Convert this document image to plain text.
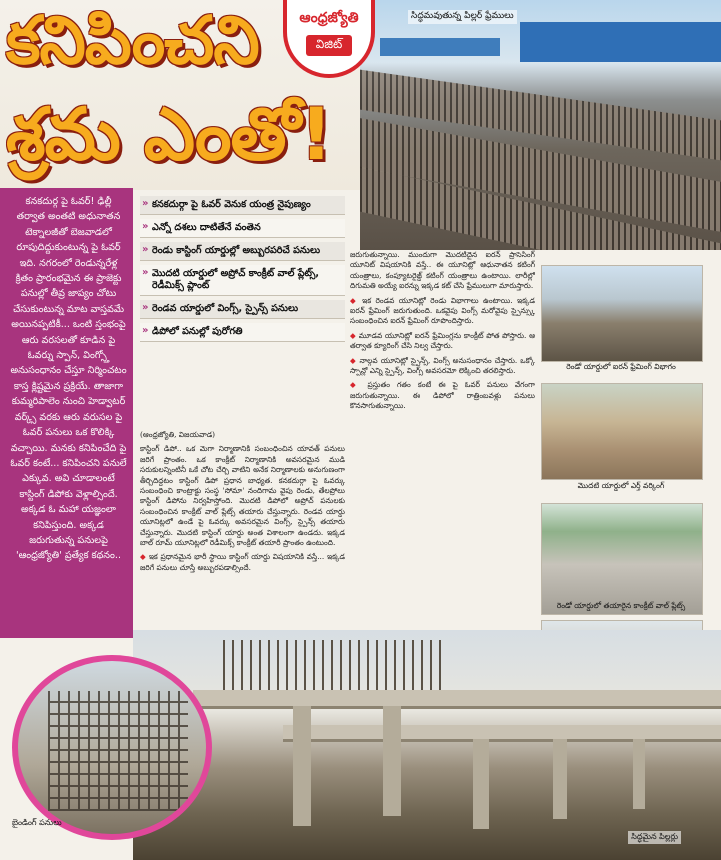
కనిపించని
శ్రమ ఎంతో!
సిద్ధమవుతున్న పిల్లర్ ఫ్రేములు
ఆంధ్రజ్యోతి
విజిట్
కనకదుర్గ పై ఓవర్! ఢిల్లీ తర్వాత అంతటి అధునాతన టెక్నాలజీతో బెజవాడలో రూపుదిద్దుకుంటున్న పై ఓవర్ ఇది. నగరంలో రెండున్నరేళ్ల క్రితం ప్రారంభమైన ఈ ప్రాజెక్టు పనుల్లో తీవ్ర జాప్యం చోటు చేసుకుంటున్న మాట వాస్తవమే అయినప్పటికీ... ఒంటి స్తంభంపై ఆరు వరసలతో కూడిన పై ఓవర్ను స్పాన్, వింగ్స్తో అనుసంధానం చేస్తూ నిర్మించటం కాస్త క్లిష్టమైన ప్రక్రియే. తాజాగా కుమ్మరిపాలెం నుంచి హెడ్వాటర్ వర్క్స్ వరకు ఆరు వరుసల పై ఓవర్ పనులు ఒక కొలిక్కి వచ్చాయి. మనకు కనిపించేది పై ఓవర్ కంటే... కనిపించని పనులే ఎక్కువ. అవి చూడాలంటే కాస్టింగ్ డిపోకు వెళ్లాల్సిందే. అక్కడ ఓ మహా యజ్ఞంలా కనిపిస్తుంది. అక్కడ జరుగుతున్న పనులపై 'ఆంధ్రజ్యోతి' ప్రత్యేక కథనం..
» కనకదుర్గా పై ఓవర్ వెనుక యంత్ర నైపుణ్యం
» ఎన్నో దశలు దాటితేనే వంతెన
» రెండు కాస్టింగ్ యార్డుల్లో అబ్బురపరిచే పనులు
» మొదటి యార్డులో అప్రోచ్ కాంక్రీట్ వాల్ ప్లేట్స్, రెడీమిక్స్ ప్లాంట్
» రెండవ యార్డులో వింగ్స్, స్పైన్స్ పనులు
» డిపోలో పనుల్లో పురోగతి

(ఆంధ్రజ్యోతి, విజయవాడ)

కాస్టింగ్ డిపో.. ఒక మెగా నిర్మాణానికి సంబంధించిన యావత్ పనులు జరిగే ప్రాంతం. ఒక కాంక్రీట్ నిర్మాణానికి అవసరమైన ముడి సరుకులన్నింటినీ ఒకే చోట చేర్చి వాటిని అనేక నిర్మాణాలకు అనుగుణంగా తీర్చిదిద్దటం కాస్టింగ్ డిపో ప్రధాన బాధ్యత. కనకదుర్గా పై ఓవర్కు సంబంధించి కాంట్రాక్టు సంస్థ 'సోమా' నందిగామ వైపు రెండు, తేలప్రోలు కాస్టింగ్ డిపోను నిర్వహిస్తోంది. మొదటి డిపోలో అప్రోచ్ పనులకు సంబంధించిన కాంక్రీట్ వాల్ ప్లేట్స్ తయారు చేస్తున్నారు. రెండవ యార్డు యూనిట్లలో ఉండే పై ఓవర్కు అవసరమైన వింగ్స్, స్పైన్స్ తయారు చేస్తున్నారు. మొదటి కాస్టింగ్ యార్డు అంత విశాలంగా ఉండదు. ఇక్కడ బాల్ రూమ్ యూనిట్లలో రెడీమిక్స్ కాంక్రీట్ తయారీ ప్రాంతం ఉంటుంది.

◆ ఇక ప్రధానమైన భారీ స్థాయి కాస్టింగ్ యార్డు విషయానికి వస్తే... ఇక్కడ జరిగే పనులు చూస్తే అబ్బురపడాల్సిందే.

జరుగుతున్నాయి. ముందుగా మొదటిదైన ఐరన్ ప్రాసెసింగ్ యూనిట్ విషయానికి వస్తే.. ఈ యూనిట్లో ఆధునాతన కటింగ్ యంత్రాలు, కంప్యూటరైజ్డ్ కటింగ్ యంత్రాలు ఉంటాయి. లారీల్లో దిగుమతి అయ్యే ఐరన్ను ఇక్కడ కట్ చేసి ఫ్రేములుగా మారుస్తారు.

◆ ఇక రెండవ యూనిట్లో రెండు విభాగాలు ఉంటాయి. ఇక్కడ ఐరన్ ఫ్రేమింగ్ జరుగుతుంది. ఒకవైపు వింగ్స్ మరోవైపు స్పైన్స్కు సంబంధించిన ఐరన్ ఫ్రేమింగ్ రూపొందిస్తారు.

◆ మూడవ యూనిట్లో ఐరన్ ఫ్రేమింగ్లను కాంక్రీట్ పోత పోస్తారు. ఆ తర్వాత క్యూరింగ్ చేసి నిల్వ చేస్తారు.

◆ నాల్గవ యూనిట్లో స్పైన్స్, వింగ్స్ అనుసంధానం చేస్తారు. ఒక్కో స్పాన్లో ఎన్ని స్పైన్స్, వింగ్స్ అవసరమో లెక్కించి తరలిస్తారు.

◆ ప్రస్తుతం గతం కంటే ఈ పై ఓవర్ పనులు వేగంగా జరుగుతున్నాయి. ఈ డిపోలో రాత్రింబవళ్లు పనులు కొనసాగుతున్నాయి.

రెండో యార్డులో ఐరన్ ఫ్రేమింగ్ విభాగం
మొదటి యార్డులో ఎర్త్ వర్కింగ్
రెండో యార్డులో తయారైన కాంక్రీట్ వాల్ ప్లేట్స్
సిద్ధమైన పిల్లర్లు
బైండింగ్ పనులు
